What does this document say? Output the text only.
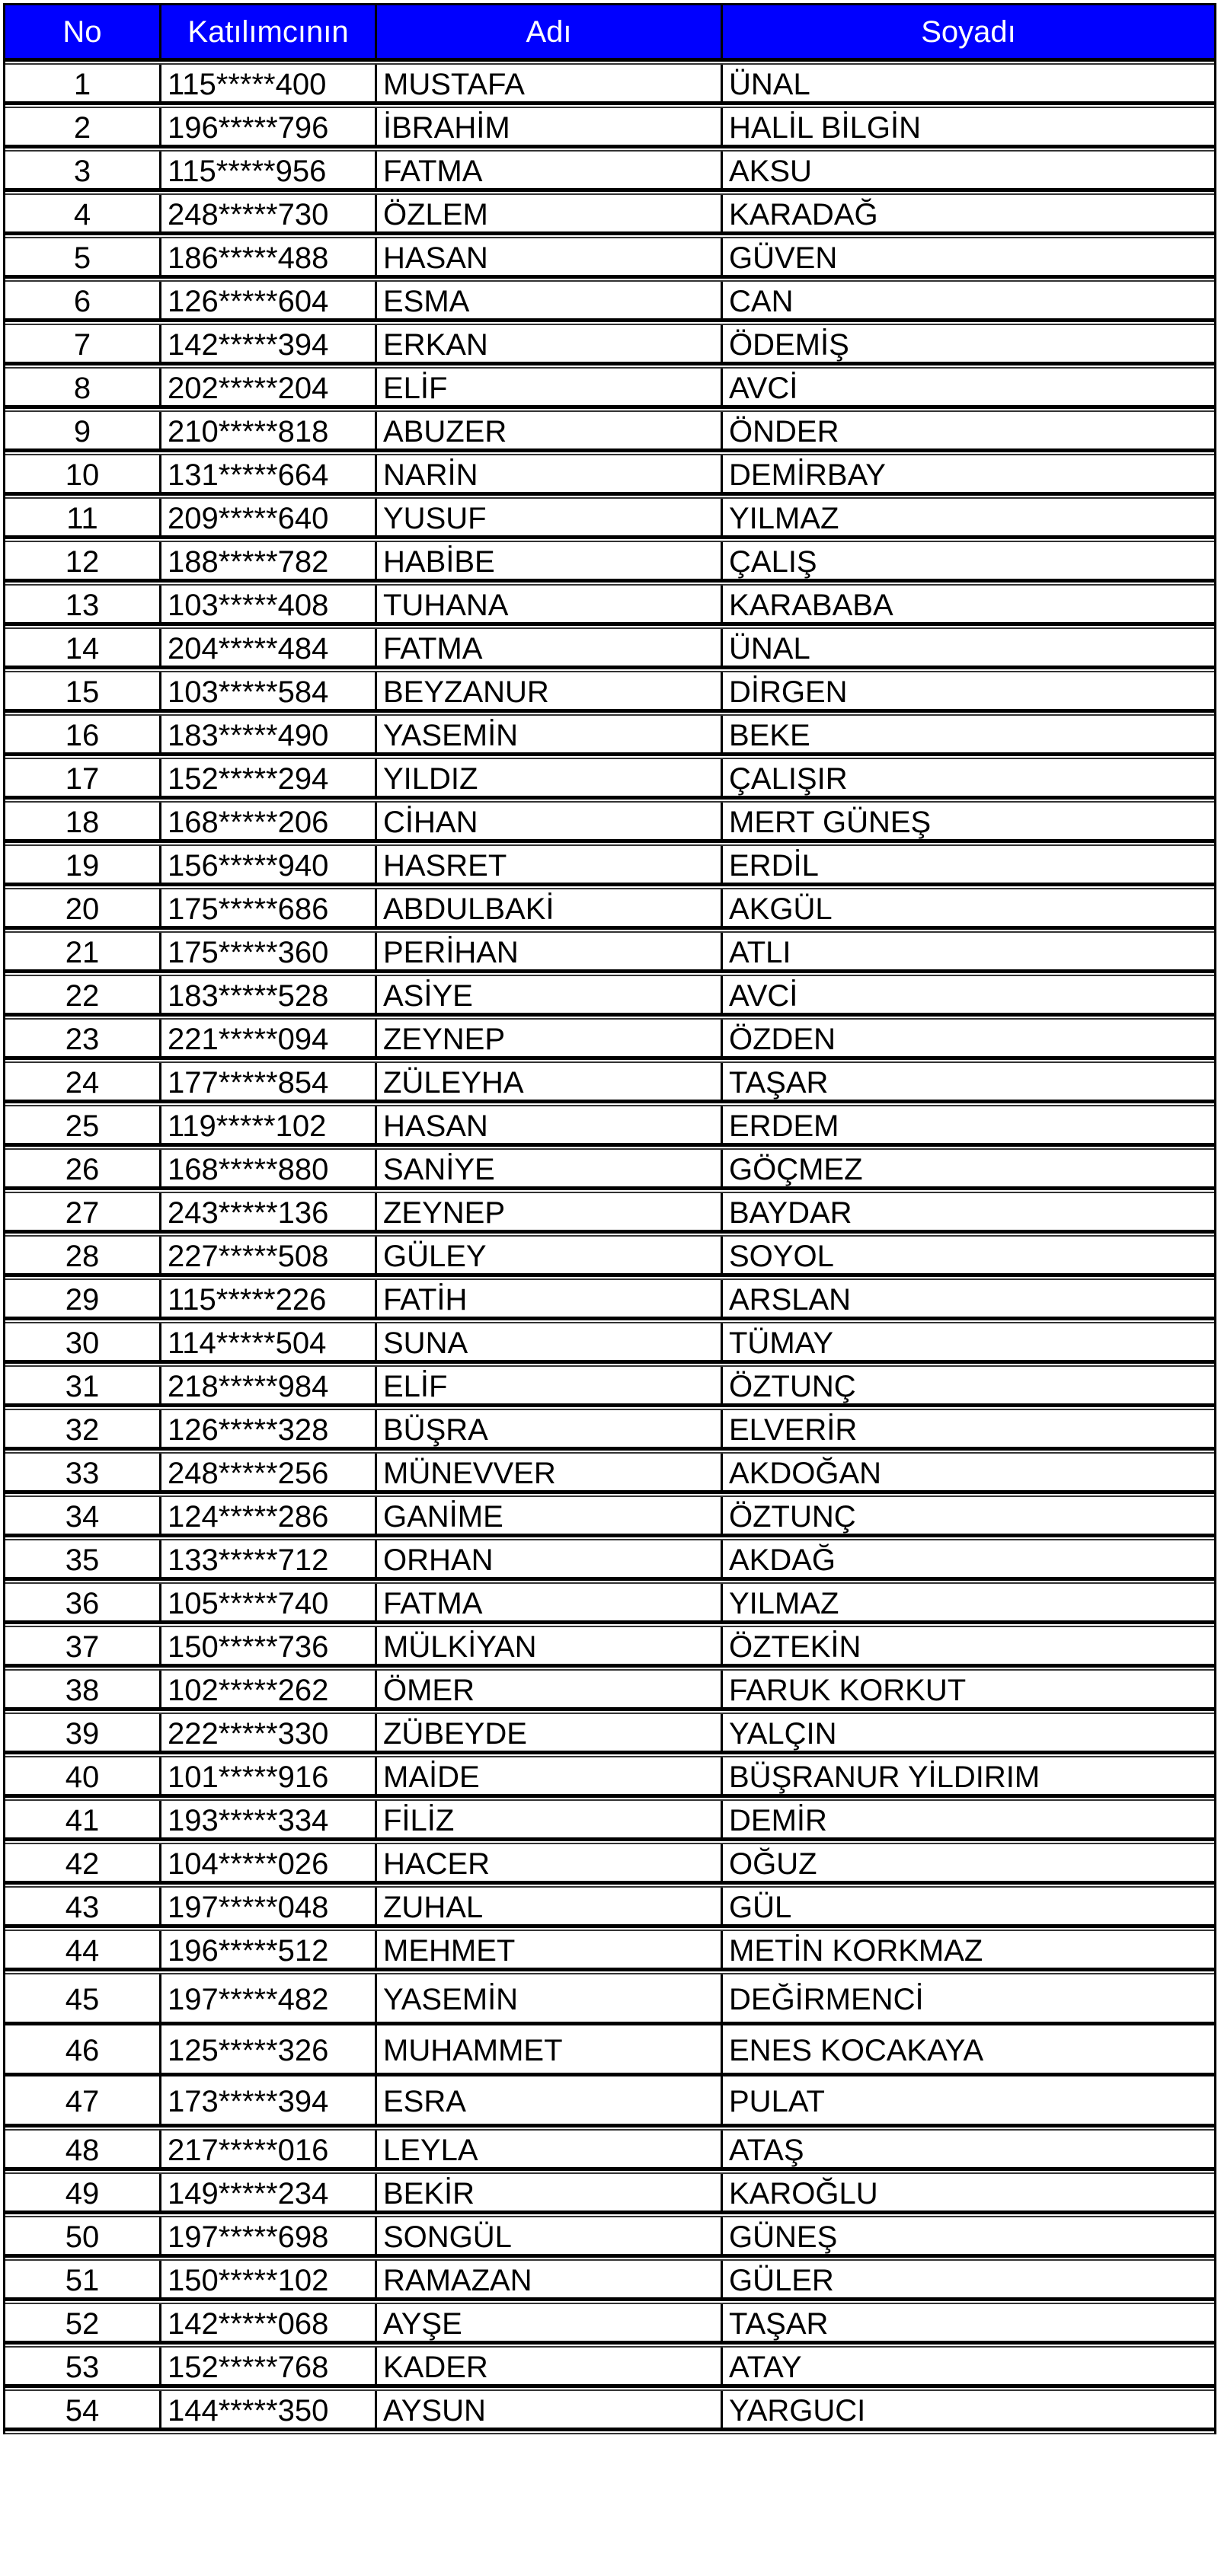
No	Katılımcının	Adı	Soyadı
1	115*****400	MUSTAFA	ÜNAL
2	196*****796	İBRAHİM	HALİL BİLGİN
3	115*****956	FATMA	AKSU
4	248*****730	ÖZLEM	KARADAĞ
5	186*****488	HASAN	GÜVEN
6	126*****604	ESMA	CAN
7	142*****394	ERKAN	ÖDEMİŞ
8	202*****204	ELİF	AVCİ
9	210*****818	ABUZER	ÖNDER
10	131*****664	NARİN	DEMİRBAY
11	209*****640	YUSUF	YILMAZ
12	188*****782	HABİBE	ÇALIŞ
13	103*****408	TUHANA	KARABABA
14	204*****484	FATMA	ÜNAL
15	103*****584	BEYZANUR	DİRGEN
16	183*****490	YASEMİN	BEKE
17	152*****294	YILDIZ	ÇALIŞIR
18	168*****206	CİHAN	MERT GÜNEŞ
19	156*****940	HASRET	ERDİL
20	175*****686	ABDULBAKİ	AKGÜL
21	175*****360	PERİHAN	ATLI
22	183*****528	ASİYE	AVCİ
23	221*****094	ZEYNEP	ÖZDEN
24	177*****854	ZÜLEYHA	TAŞAR
25	119*****102	HASAN	ERDEM
26	168*****880	SANİYE	GÖÇMEZ
27	243*****136	ZEYNEP	BAYDAR
28	227*****508	GÜLEY	SOYOL
29	115*****226	FATİH	ARSLAN
30	114*****504	SUNA	TÜMAY
31	218*****984	ELİF	ÖZTUNÇ
32	126*****328	BÜŞRA	ELVERİR
33	248*****256	MÜNEVVER	AKDOĞAN
34	124*****286	GANİME	ÖZTUNÇ
35	133*****712	ORHAN	AKDAĞ
36	105*****740	FATMA	YILMAZ
37	150*****736	MÜLKİYAN	ÖZTEKİN
38	102*****262	ÖMER	FARUK KORKUT
39	222*****330	ZÜBEYDE	YALÇIN
40	101*****916	MAİDE	BÜŞRANUR YİLDIRIM
41	193*****334	FİLİZ	DEMİR
42	104*****026	HACER	OĞUZ
43	197*****048	ZUHAL	GÜL
44	196*****512	MEHMET	METİN KORKMAZ
45	197*****482	YASEMİN	DEĞİRMENCİ
46	125*****326	MUHAMMET	ENES KOCAKAYA
47	173*****394	ESRA	PULAT
48	217*****016	LEYLA	ATAŞ
49	149*****234	BEKİR	KAROĞLU
50	197*****698	SONGÜL	GÜNEŞ
51	150*****102	RAMAZAN	GÜLER
52	142*****068	AYŞE	TAŞAR
53	152*****768	KADER	ATAY
54	144*****350	AYSUN	YARGUCI
